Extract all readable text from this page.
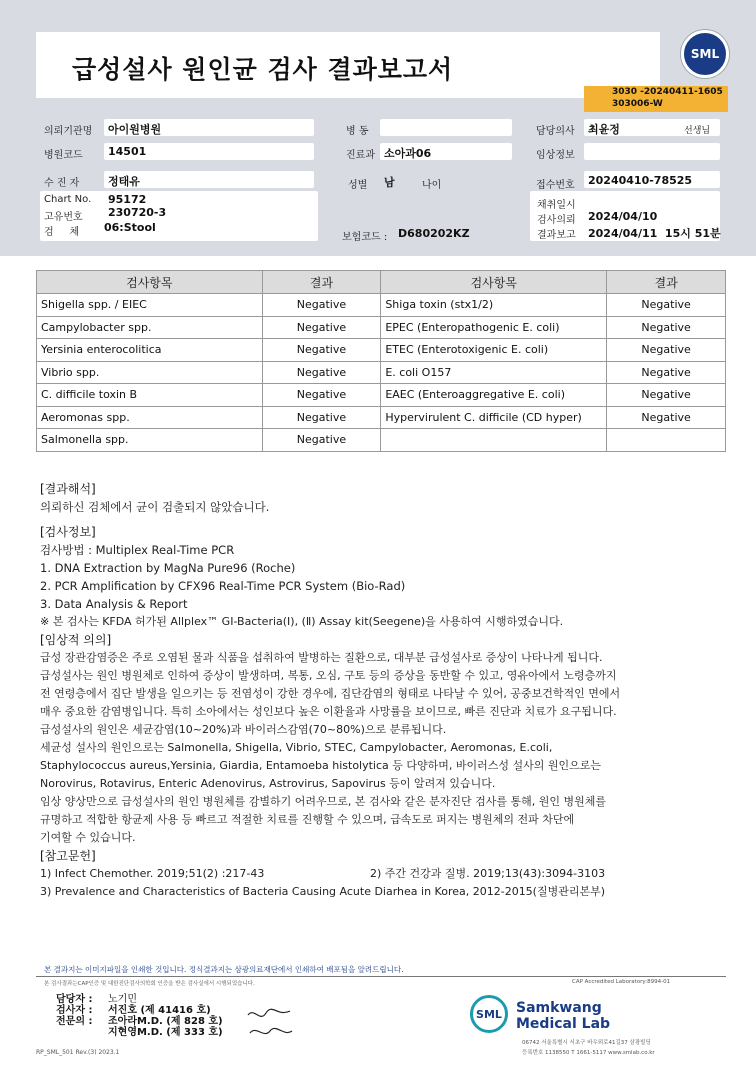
급성설사 원인균 검사 결과보고서
SML
3030 -20240411-1605
303006-W
의뢰기관명 아이원병원	병 동	담당의사 최윤정	선생님
병원코드 14501	진료과 소아과06	임상정보
수 진 자	정태유	성별 남	나이	접수번호 20240410-78525
Chart No. 95172
고유번호 230720-3
검     체 06:Stool
보험코드 : D680202KZ
채취일시
검사의뢰 2024/04/10
결과보고 2024/04/11  15시 51분
검사항목	결과	검사항목	결과
Shigella spp. / EIEC	Negative	Shiga toxin (stx1/2)	Negative
Campylobacter spp.	Negative	EPEC (Enteropathogenic E. coli)	Negative
Yersinia enterocolitica	Negative	ETEC (Enterotoxigenic E. coli)	Negative
Vibrio spp.	Negative	E. coli O157	Negative
C. difficile toxin B	Negative	EAEC (Enteroaggregative E. coli)	Negative
Aeromonas spp.	Negative	Hypervirulent C. difficile (CD hyper)	Negative
Salmonella spp.	Negative		
[결과해석]
의뢰하신 검체에서 균이 검출되지 않았습니다.
[검사정보]
검사방법 : Multiplex Real-Time PCR
1. DNA Extraction by MagNa Pure96 (Roche)
2. PCR Amplification by CFX96 Real-Time PCR System (Bio-Rad)
3. Data Analysis & Report
※ 본 검사는 KFDA 허가된 Allplex™ GI-Bacteria(Ⅰ), (Ⅱ) Assay kit(Seegene)을 사용하여 시행하였습니다.
[임상적 의의]
급성 장관감염증은 주로 오염된 물과 식품을 섭취하여 발병하는 질환으로, 대부분 급성설사로 증상이 나타나게 됩니다.
급성설사는 원인 병원체로 인하여 증상이 발생하며, 복통, 오심, 구토 등의 증상을 동반할 수 있고, 영유아에서 노령층까지
전 연령층에서 집단 발생을 일으키는 등 전염성이 강한 경우에, 집단감염의 형태로 나타날 수 있어, 공중보건학적인 면에서
매우 중요한 감염병입니다. 특히 소아에서는 성인보다 높은 이환율과 사망률을 보이므로, 빠른 진단과 치료가 요구됩니다.
급성설사의 원인은 세균감염(10~20%)과 바이러스감염(70~80%)으로 분류됩니다.
세균성 설사의 원인으로는 Salmonella, Shigella, Vibrio, STEC, Campylobacter, Aeromonas, E.coli,
Staphylococcus aureus,Yersinia, Giardia, Entamoeba histolytica 등 다양하며, 바이러스성 설사의 원인으로는
Norovirus, Rotavirus, Enteric Adenovirus, Astrovirus, Sapovirus 등이 알려져 있습니다.
임상 양상만으로 급성설사의 원인 병원체를 감별하기 어려우므로, 본 검사와 같은 분자진단 검사를 통해, 원인 병원체를
규명하고 적합한 항균제 사용 등 빠르고 적절한 치료를 진행할 수 있으며, 급속도로 퍼지는 병원체의 전파 차단에
기여할 수 있습니다.
[참고문헌]
1) Infect Chemother. 2019;51(2) :217-43	2) 주간 건강과 질병. 2019;13(43):3094-3103
3) Prevalence and Characteristics of Bacteria Causing Acute Diarhea in Korea, 2012-2015(질병관리본부)
본 결과지는 이미지파일을 인쇄한 것입니다. 정식결과지는 삼광의료재단에서 인쇄하여 배포됨을 알려드립니다.
본 검사결과는CAP인증 및 대한진단검사의학회 인증을 받은 검사실에서 시행되었습니다.	CAP Accredited Laboratory:8994-01
담당자 : 노기민
검사자 : 서진호 (제 41416 호)
전문의 : 조아라M.D. (제 828 호)
지현영M.D. (제 333 호)
SML	Samkwang
Medical Lab
06742 서울특별시 서초구 바우뫼로41길37 삼광빌딩
등록번호 1138550 T 1661-5117 www.smlab.co.kr
RP_SML_501 Rev.(3) 2023.1
